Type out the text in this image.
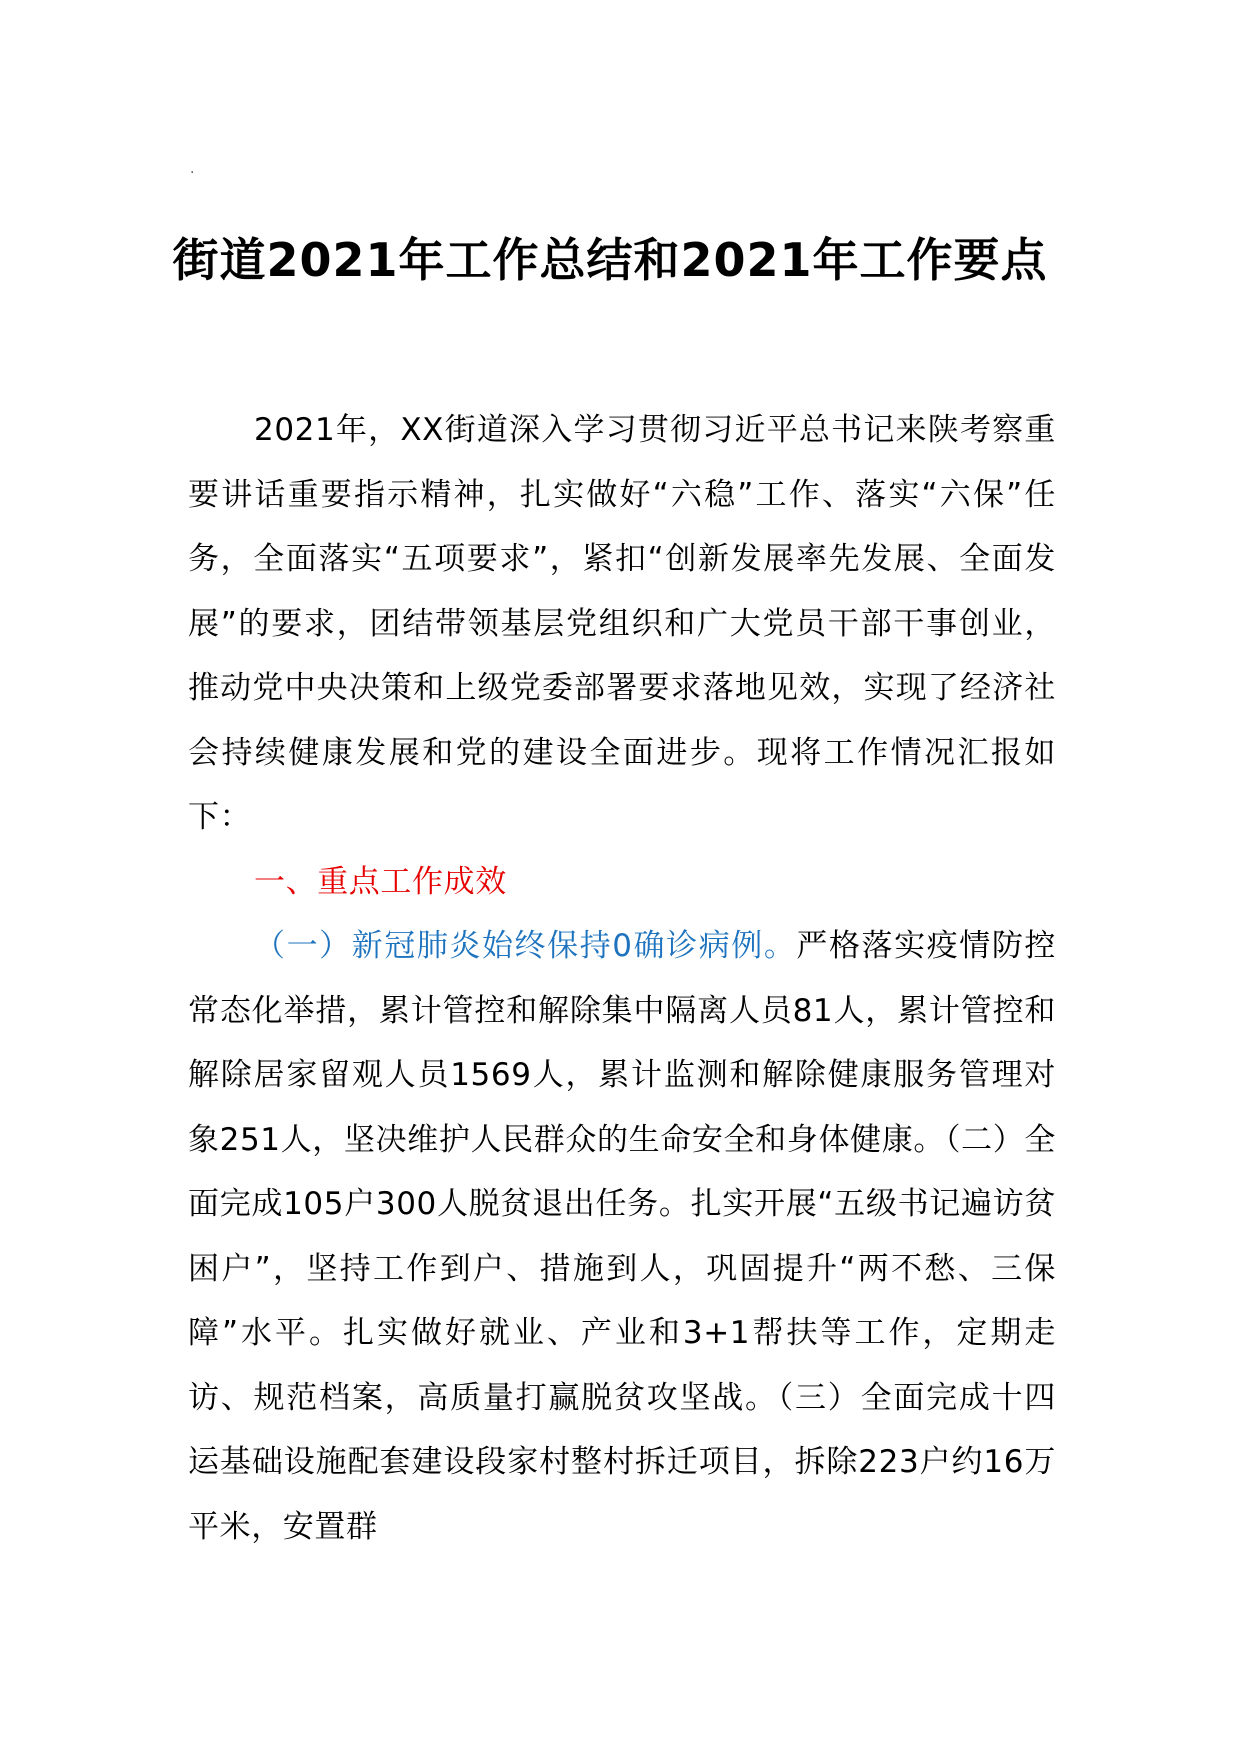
.
街道2021年工作总结和2021年工作要点

2021年，XX街道深入学习贯彻习近平总书记来陕考察重要讲话重要指示精神，扎实做好“六稳”工作、落实“六保”任务，全面落实“五项要求”，紧扣“创新发展率先发展、全面发展”的要求，团结带领基层党组织和广大党员干部干事创业，推动党中央决策和上级党委部署要求落地见效，实现了经济社会持续健康发展和党的建设全面进步。现将工作情况汇报如下：

一、重点工作成效

（一）新冠肺炎始终保持0确诊病例。严格落实疫情防控常态化举措，累计管控和解除集中隔离人员81人，累计管控和解除居家留观人员1569人，累计监测和解除健康服务管理对象251人，坚决维护人民群众的生命安全和身体健康。（二）全面完成105户300人脱贫退出任务。扎实开展“五级书记遍访贫困户”，坚持工作到户、措施到人，巩固提升“两不愁、三保障”水平。扎实做好就业、产业和3+1帮扶等工作，定期走访、规范档案，高质量打赢脱贫攻坚战。（三）全面完成十四运基础设施配套建设段家村整村拆迁项目，拆除223户约16万平米，安置群
